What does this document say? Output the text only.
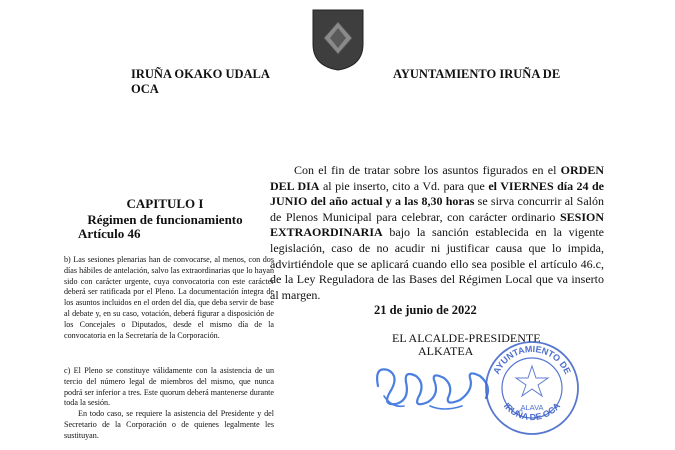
IRUÑA OKAKO UDALA
OCA
AYUNTAMIENTO IRUÑA DE
CAPITULO I
Régimen de funcionamiento
Artículo 46
b) Las sesiones plenarias han de convocarse, al menos, con dos días hábiles de antelación, salvo las extraordinarias que lo hayan sido con carácter urgente, cuya convocatoria con este carácter deberá ser ratificada por el Pleno. La documentación íntegra de los asuntos incluidos en el orden del día, que deba servir de base al debate y, en su caso, votación, deberá figurar a disposición de los Concejales o Diputados, desde el mismo día de la convocatoria en la Secretaría de la Corporación.
c) El Pleno se constituye válidamente con la asistencia de un tercio del número legal de miembros del mismo, que nunca podrá ser inferior a tres. Este quorum deberá mantenerse durante toda la sesión.
En todo caso, se requiere la asistencia del Presidente y del Secretario de la Corporación o de quienes legalmente les sustituyan.
Con el fin de tratar sobre los asuntos figurados en el ORDEN DEL DIA al pie inserto, cito a Vd. para que el VIERNES día 24 de JUNIO del año actual y a las 8,30 horas se sirva concurrir al Salón de Plenos Municipal para celebrar, con carácter ordinario SESION EXTRAORDINARIA bajo la sanción establecida en la vigente legislación, caso de no acudir ni justificar causa que lo impida, advirtiéndole que se aplicará cuando ello sea posible el artículo 46.c, de la Ley Reguladora de las Bases del Régimen Local que va inserto al margen.
21 de junio de 2022
EL ALCALDE-PRESIDENTE
ALKATEA
AYUNTAMIENTO DE
IRUÑA DE OCA
ALAVA
